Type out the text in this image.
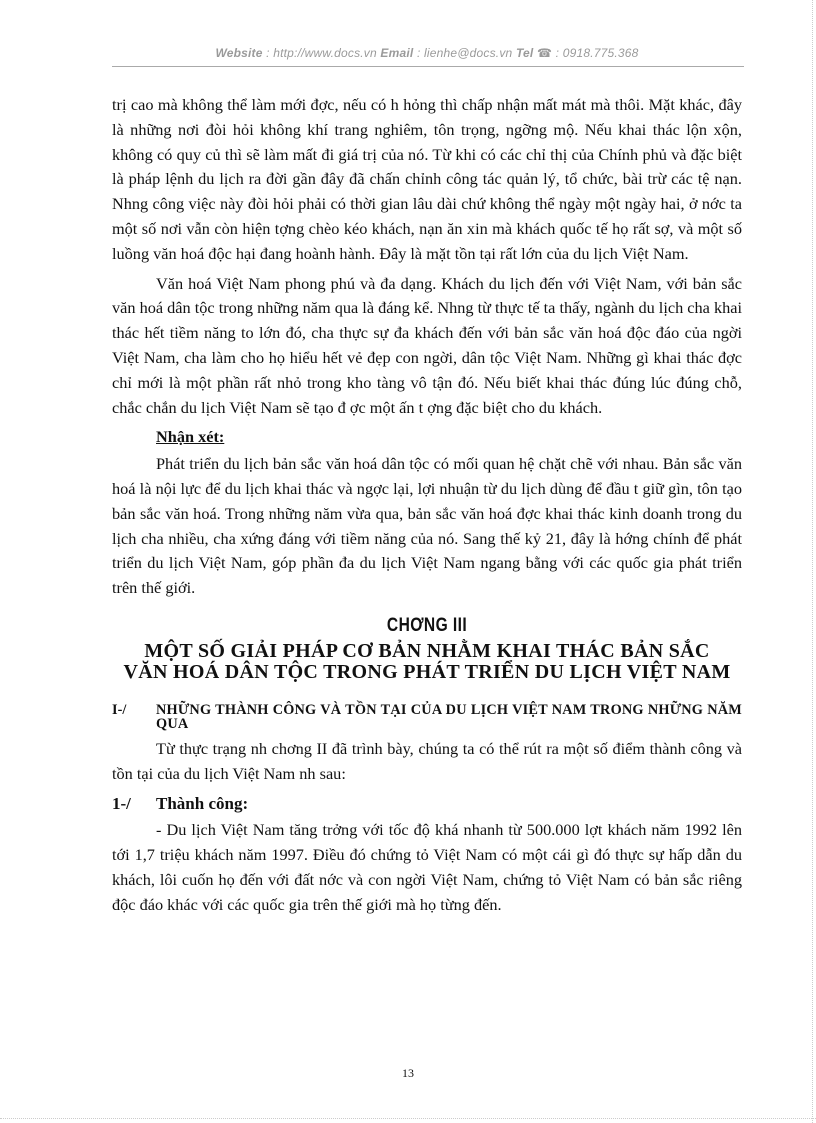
Website : http://www.docs.vn Email : lienhe@docs.vn Tel ☎ : 0918.775.368

trị cao mà không thể làm mới đợc, nếu có h hỏng thì chấp nhận mất mát mà thôi. Mặt khác, đây là những nơi đòi hỏi không khí trang nghiêm, tôn trọng, ngỡng mộ. Nếu khai thác lộn xộn, không có quy củ thì sẽ làm mất đi giá trị của nó. Từ khi có các chỉ thị của Chính phủ và đặc biệt là pháp lệnh du lịch ra đời gần đây đã chấn chỉnh công tác quản lý, tổ chức, bài trừ các tệ nạn. Nhng công việc này đòi hỏi phải có thời gian lâu dài chứ không thể ngày một ngày hai, ở nớc ta một số nơi vẫn còn hiện tợng chèo kéo khách, nạn ăn xin mà khách quốc tế họ rất sợ, và một số luồng văn hoá độc hại đang hoành hành. Đây là mặt tồn tại rất lớn của du lịch Việt Nam.

Văn hoá Việt Nam phong phú và đa dạng. Khách du lịch đến với Việt Nam, với bản sắc văn hoá dân tộc trong những năm qua là đáng kể. Nhng từ thực tế ta thấy, ngành du lịch cha khai thác hết tiềm năng to lớn đó, cha thực sự đa khách đến với bản sắc văn hoá độc đáo của ngời Việt Nam, cha làm cho họ hiểu hết vẻ đẹp con ngời, dân tộc Việt Nam. Những gì khai thác đợc chỉ mới là một phần rất nhỏ trong kho tàng vô tận đó. Nếu biết khai thác đúng lúc đúng chỗ, chắc chắn du lịch Việt Nam sẽ tạo đ ợc một ấn t ợng đặc biệt cho du khách.

Nhận xét:

Phát triển du lịch bản sắc văn hoá dân tộc có mối quan hệ chặt chẽ với nhau. Bản sắc văn hoá là nội lực để du lịch khai thác và ngợc lại, lợi nhuận từ du lịch dùng để đầu t giữ gìn, tôn tạo bản sắc văn hoá. Trong những năm vừa qua, bản sắc văn hoá đợc khai thác kinh doanh trong du lịch cha nhiều, cha xứng đáng với tiềm năng của nó. Sang thế kỷ 21, đây là hớng chính để phát triển du lịch Việt Nam, góp phần đa du lịch Việt Nam ngang bằng với các quốc gia phát triển trên thế giới.

CHƠNG III
MỘT SỐ GIẢI PHÁP CƠ BẢN NHẰM KHAI THÁC BẢN SẮC
VĂN HOÁ DÂN TỘC TRONG PHÁT TRIỂN DU LỊCH VIỆT NAM
I-/	NHỮNG THÀNH CÔNG VÀ TỒN TẠI CỦA DU LỊCH VIỆT NAM TRONG NHỮNG NĂM QUA

Từ thực trạng nh chơng II đã trình bày, chúng ta có thể rút ra một số điểm thành công và tồn tại của du lịch Việt Nam nh sau:

1-/ Thành công:

- Du lịch Việt Nam tăng trởng với tốc độ khá nhanh từ 500.000 lợt khách năm 1992 lên tới 1,7 triệu khách năm 1997. Điều đó chứng tỏ Việt Nam có một cái gì đó thực sự hấp dẫn du khách, lôi cuốn họ đến với đất nớc và con ngời Việt Nam, chứng tỏ Việt Nam có bản sắc riêng độc đáo khác với các quốc gia trên thế giới mà họ từng đến.

13
